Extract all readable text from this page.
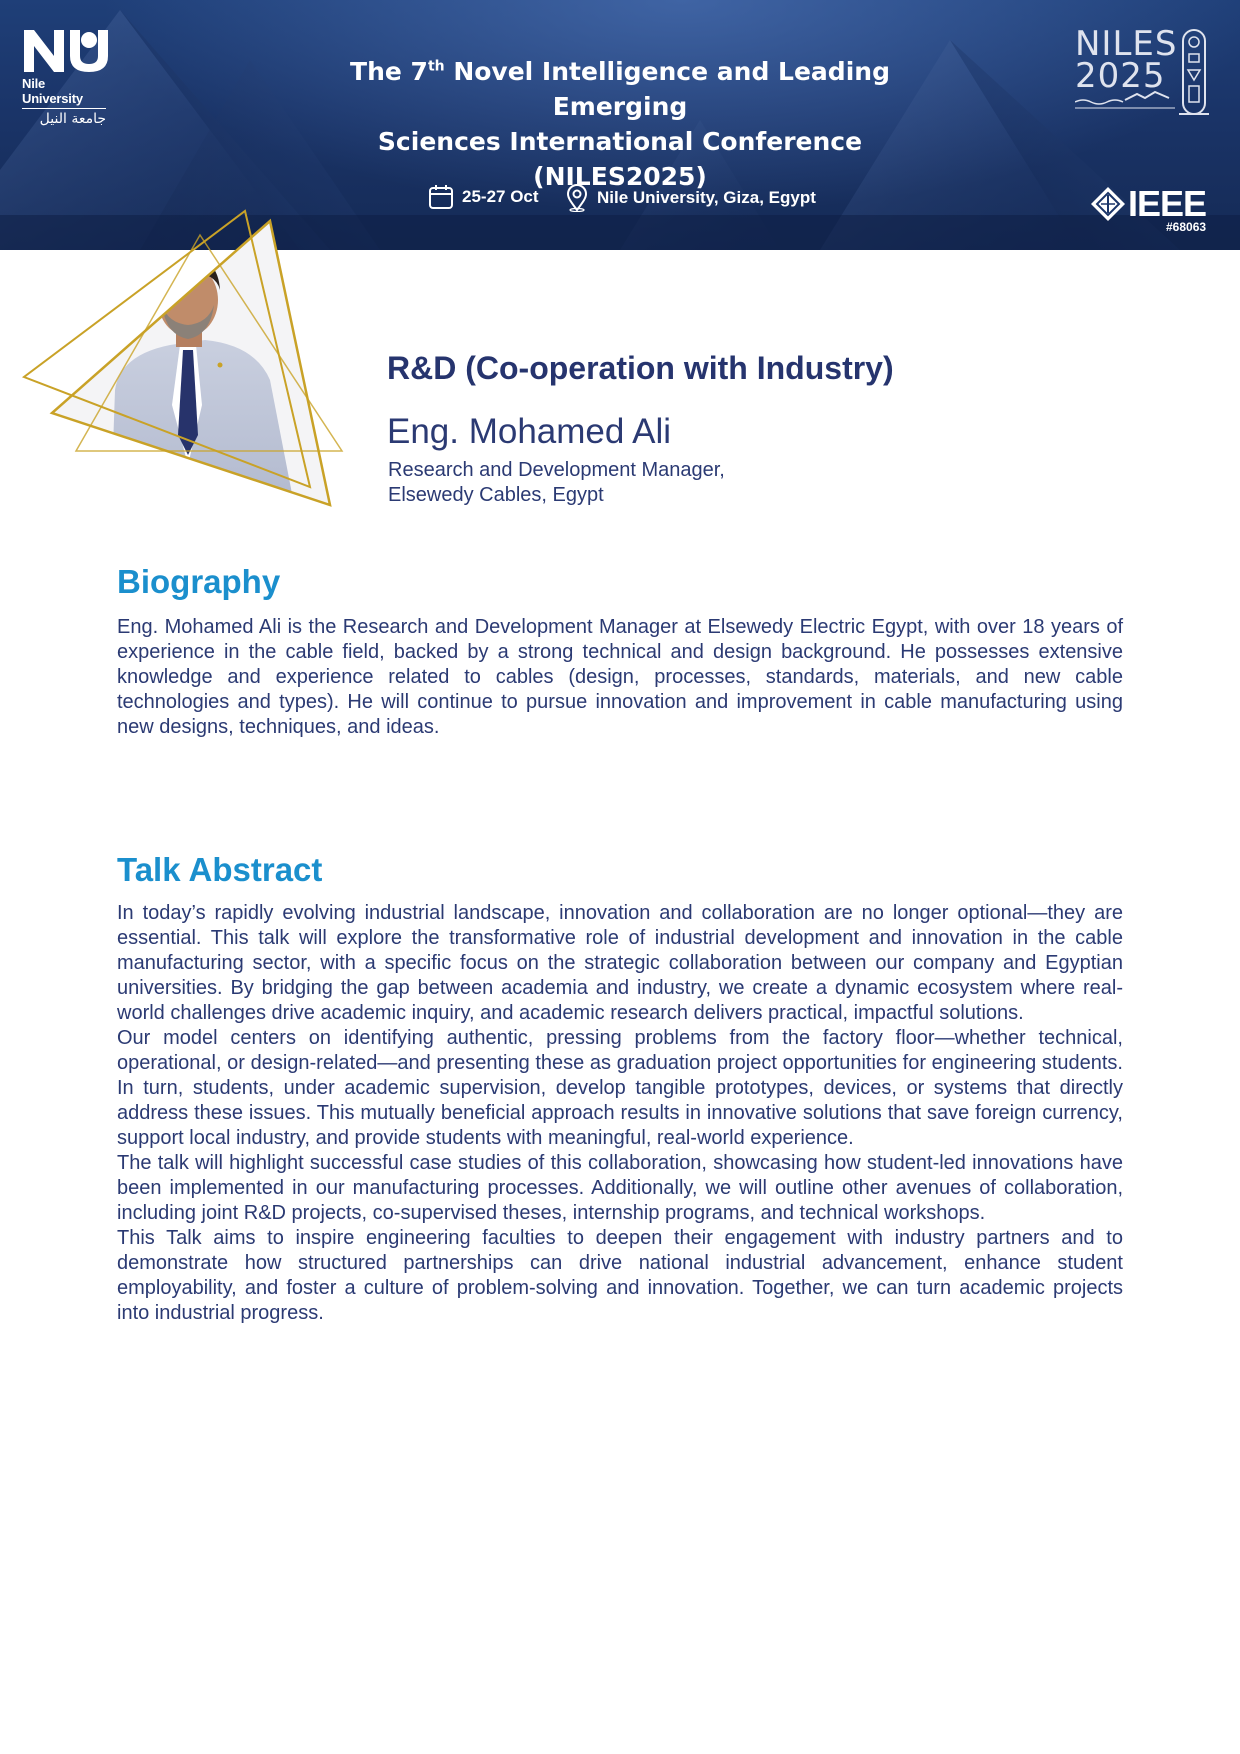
Nile University
جامعة النيل
The 7th Novel Intelligence and Leading Emerging
Sciences International Conference
(NILES2025)
25-27 Oct	Nile University, Giza, Egypt
NILES
2025
IEEE
#68063
R&D (Co-operation with Industry)
Eng. Mohamed Ali
Research and Development Manager,
Elsewedy Cables, Egypt
Biography

Eng. Mohamed Ali is the Research and Development Manager at Elsewedy Electric Egypt, with over 18 years of experience in the cable field, backed by a strong technical and design background. He possesses extensive knowledge and experience related to cables (design, processes, standards, materials, and new cable technologies and types). He will continue to pursue innovation and improvement in cable manufacturing using new designs, techniques, and ideas.

Talk Abstract

In today’s rapidly evolving industrial landscape, innovation and collaboration are no longer optional—they are essential. This talk will explore the transformative role of industrial development and innovation in the cable manufacturing sector, with a specific focus on the strategic collaboration between our company and Egyptian universities. By bridging the gap between academia and industry, we create a dynamic ecosystem where real-world challenges drive academic inquiry, and academic research delivers practical, impactful solutions.

Our model centers on identifying authentic, pressing problems from the factory floor—whether technical, operational, or design-related—and presenting these as graduation project opportunities for engineering students. In turn, students, under academic supervision, develop tangible prototypes, devices, or systems that directly address these issues. This mutually beneficial approach results in innovative solutions that save foreign currency, support local industry, and provide students with meaningful, real-world experience.

The talk will highlight successful case studies of this collaboration, showcasing how student-led innovations have been implemented in our manufacturing processes. Additionally, we will outline other avenues of collaboration, including joint R&D projects, co-supervised theses, internship programs, and technical workshops.

This Talk aims to inspire engineering faculties to deepen their engagement with industry partners and to demonstrate how structured partnerships can drive national industrial advancement, enhance student employability, and foster a culture of problem-solving and innovation. Together, we can turn academic projects into industrial progress.
